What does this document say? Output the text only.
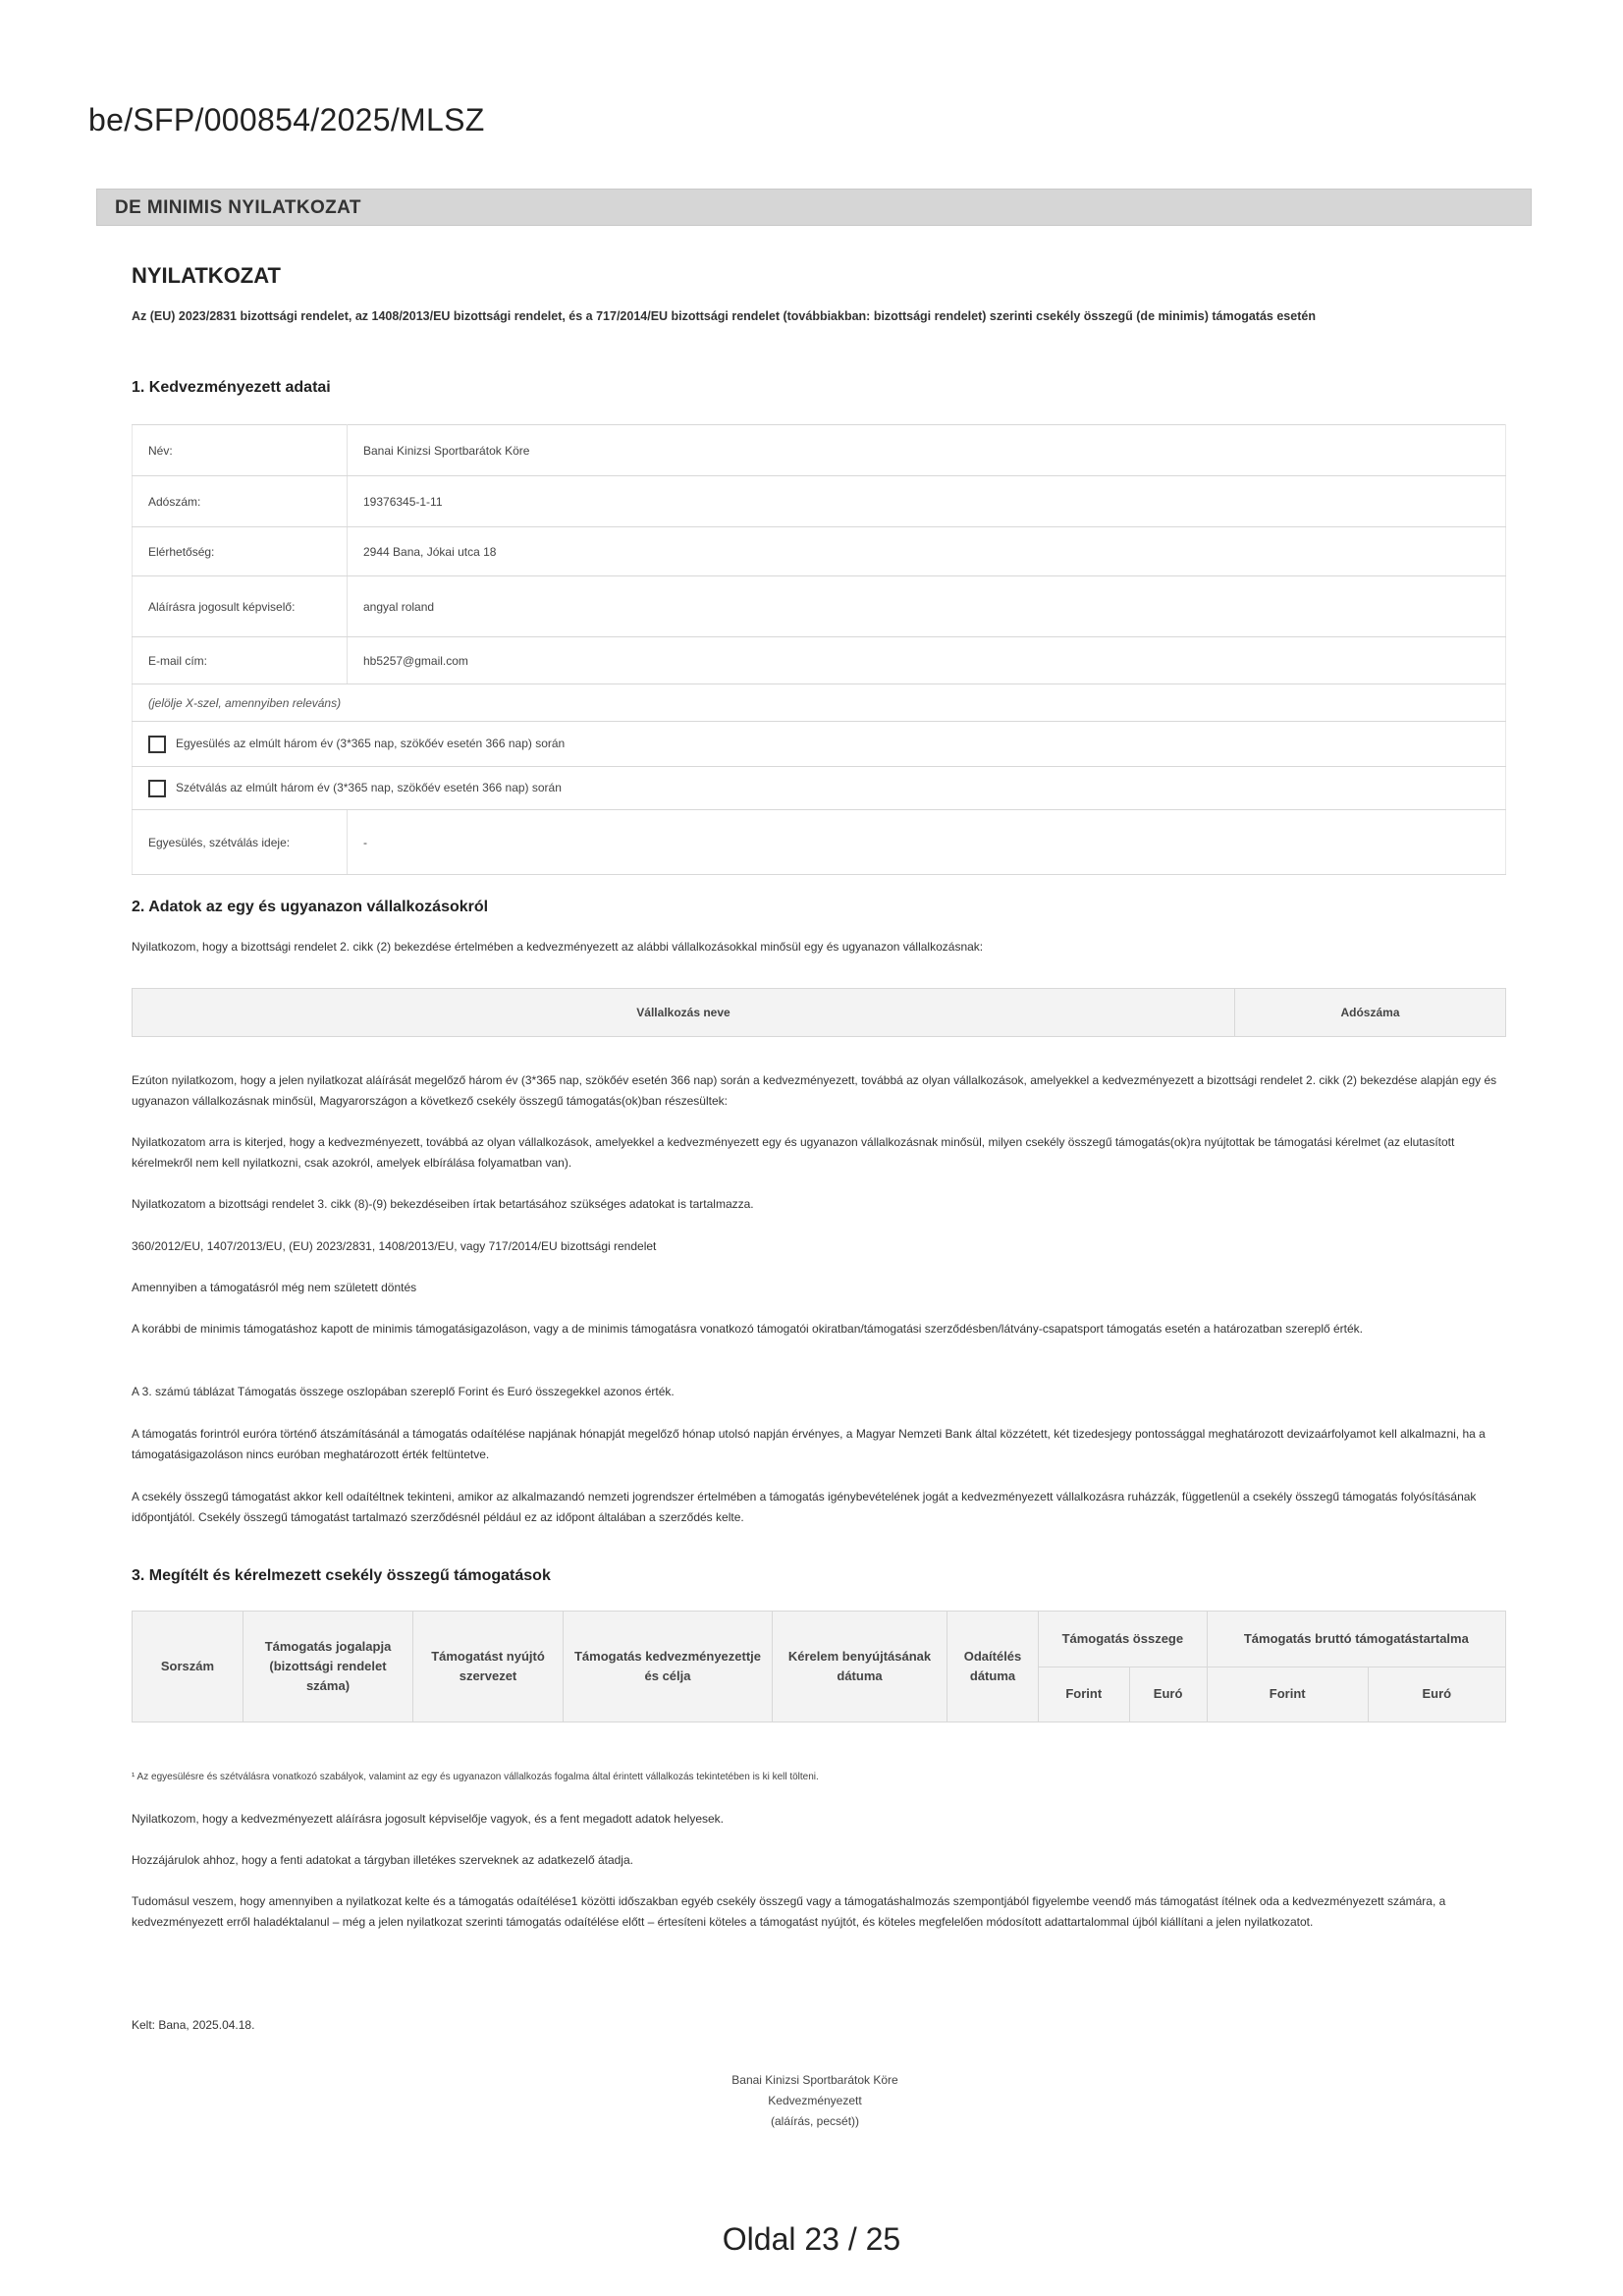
be/SFP/000854/2025/MLSZ
DE MINIMIS NYILATKOZAT
NYILATKOZAT
Az (EU) 2023/2831 bizottsági rendelet, az 1408/2013/EU bizottsági rendelet, és a 717/2014/EU bizottsági rendelet (továbbiakban: bizottsági rendelet) szerinti csekély összegű (de minimis) támogatás esetén
1. Kedvezményezett adatai
Név:	Banai Kinizsi Sportbarátok Köre
Adószám:	19376345-1-11
Elérhetőség:	2944 Bana, Jókai utca 18
Aláírásra jogosult képviselő:	angyal roland
E-mail cím:	hb5257@gmail.com
(jelölje X-szel, amennyiben releváns)	
Egyesülés az elmúlt három év (3*365 nap, szökőév esetén 366 nap) során	
Szétválás az elmúlt három év (3*365 nap, szökőév esetén 366 nap) során	
Egyesülés, szétválás ideje:	-
2. Adatok az egy és ugyanazon vállalkozásokról
Nyilatkozom, hogy a bizottsági rendelet 2. cikk (2) bekezdése értelmében a kedvezményezett az alábbi vállalkozásokkal minősül egy és ugyanazon vállalkozásnak:
Vállalkozás neve	Adószáma
Ezúton nyilatkozom, hogy a jelen nyilatkozat aláírását megelőző három év (3*365 nap, szökőév esetén 366 nap) során a kedvezményezett, továbbá az olyan vállalkozások, amelyekkel a kedvezményezett a bizottsági rendelet 2. cikk (2) bekezdése alapján egy és ugyanazon vállalkozásnak minősül, Magyarországon a következő csekély összegű támogatás(ok)ban részesültek:
Nyilatkozatom arra is kiterjed, hogy a kedvezményezett, továbbá az olyan vállalkozások, amelyekkel a kedvezményezett egy és ugyanazon vállalkozásnak minősül, milyen csekély összegű támogatás(ok)ra nyújtottak be támogatási kérelmet (az elutasított kérelmekről nem kell nyilatkozni, csak azokról, amelyek elbírálása folyamatban van).
Nyilatkozatom a bizottsági rendelet 3. cikk (8)-(9) bekezdéseiben írtak betartásához szükséges adatokat is tartalmazza.
360/2012/EU, 1407/2013/EU, (EU) 2023/2831, 1408/2013/EU, vagy 717/2014/EU bizottsági rendelet
Amennyiben a támogatásról még nem született döntés
A korábbi de minimis támogatáshoz kapott de minimis támogatásigazoláson, vagy a de minimis támogatásra vonatkozó támogatói okiratban/támogatási szerződésben/látvány-csapatsport támogatás esetén a határozatban szereplő érték.
A 3. számú táblázat Támogatás összege oszlopában szereplő Forint és Euró összegekkel azonos érték.
A támogatás forintról euróra történő átszámításánál a támogatás odaítélése napjának hónapját megelőző hónap utolsó napján érvényes, a Magyar Nemzeti Bank által közzétett, két tizedesjegy pontossággal meghatározott devizaárfolyamot kell alkalmazni, ha a támogatásigazoláson nincs euróban meghatározott érték feltüntetve.
A csekély összegű támogatást akkor kell odaítéltnek tekinteni, amikor az alkalmazandó nemzeti jogrendszer értelmében a támogatás igénybevételének jogát a kedvezményezett vállalkozásra ruházzák, függetlenül a csekély összegű támogatás folyósításának időpontjától. Csekély összegű támogatást tartalmazó szerződésnél például ez az időpont általában a szerződés kelte.
3. Megítélt és kérelmezett csekély összegű támogatások
Sorszám	Támogatás jogalapja (bizottsági rendelet száma)	Támogatást nyújtó szervezet	Támogatás kedvezményezettje és célja	Kérelem benyújtásának dátuma	Odaítélés dátuma	Támogatás összege		Támogatás bruttó támogatástartalma	
						Forint	Euró	Forint	Euró
¹ Az egyesülésre és szétválásra vonatkozó szabályok, valamint az egy és ugyanazon vállalkozás fogalma által érintett vállalkozás tekintetében is ki kell tölteni.
Nyilatkozom, hogy a kedvezményezett aláírásra jogosult képviselője vagyok, és a fent megadott adatok helyesek.
Hozzájárulok ahhoz, hogy a fenti adatokat a tárgyban illetékes szerveknek az adatkezelő átadja.
Tudomásul veszem, hogy amennyiben a nyilatkozat kelte és a támogatás odaítélése1 közötti időszakban egyéb csekély összegű vagy a támogatáshalmozás szempontjából figyelembe veendő más támogatást ítélnek oda a kedvezményezett számára, a kedvezményezett erről haladéktalanul – még a jelen nyilatkozat szerinti támogatás odaítélése előtt – értesíteni köteles a támogatást nyújtót, és köteles megfelelően módosított adattartalommal újból kiállítani a jelen nyilatkozatot.
Kelt: Bana, 2025.04.18.
Banai Kinizsi Sportbarátok Köre
Kedvezményezett
(aláírás, pecsét))
Oldal 23 / 25
